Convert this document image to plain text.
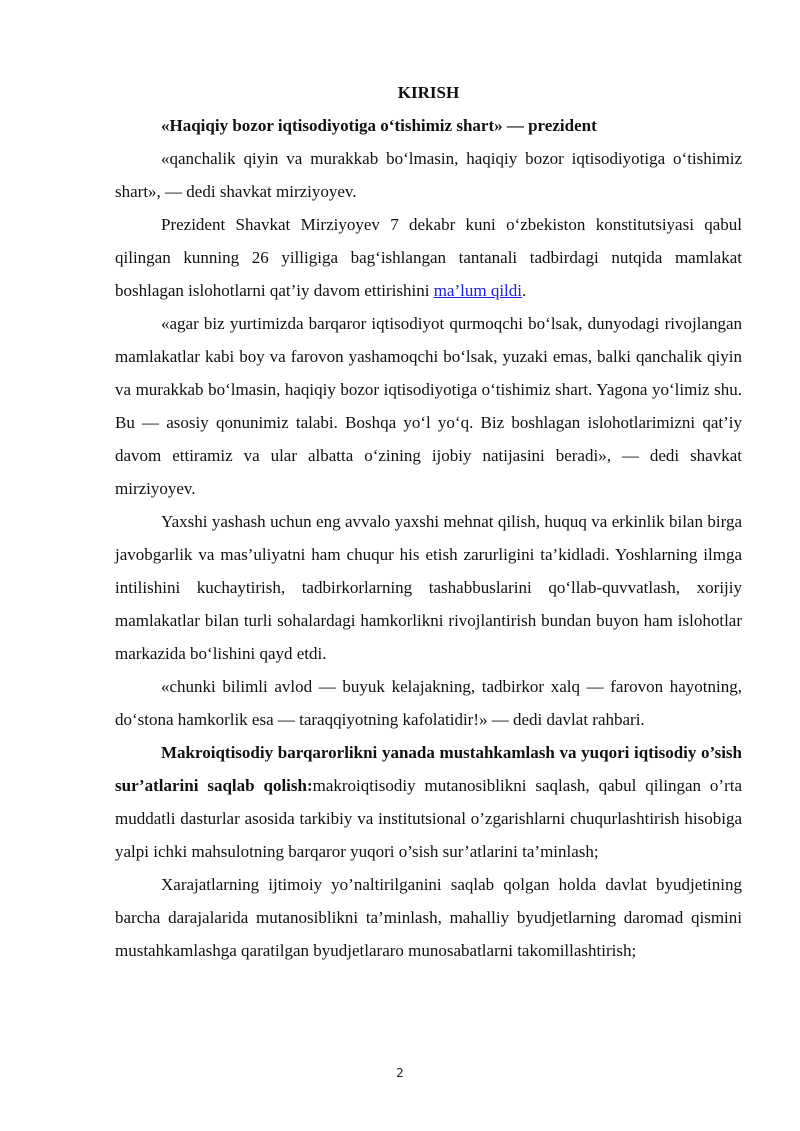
KIRISH

«Haqiqiy bozor iqtisodiyotiga o‘tishimiz shart» — prezident

«qanchalik qiyin va murakkab bo‘lmasin, haqiqiy bozor iqtisodiyotiga o‘tishimiz shart», — dedi shavkat mirziyoyev.

Prezident Shavkat Mirziyoyev 7 dekabr kuni o‘zbekiston konstitutsiyasi qabul qilingan kunning 26 yilligiga bag‘ishlangan tantanali tadbirdagi nutqida mamlakat boshlagan islohotlarni qat’iy davom ettirishini ma’lum qildi.

«agar biz yurtimizda barqaror iqtisodiyot qurmoqchi bo‘lsak, dunyodagi rivojlangan mamlakatlar kabi boy va farovon yashamoqchi bo‘lsak, yuzaki emas, balki qanchalik qiyin va murakkab bo‘lmasin, haqiqiy bozor iqtisodiyotiga o‘tishimiz shart. Yagona yo‘limiz shu. Bu — asosiy qonunimiz talabi. Boshqa yo‘l yo‘q. Biz boshlagan islohotlarimizni qat’iy davom ettiramiz va ular albatta o‘zining ijobiy natijasini beradi», — dedi shavkat mirziyoyev.

Yaxshi yashash uchun eng avvalo yaxshi mehnat qilish, huquq va erkinlik bilan birga javobgarlik va mas’uliyatni ham chuqur his etish zarurligini ta’kidladi. Yoshlarning ilmga intilishini kuchaytirish, tadbirkorlarning tashabbuslarini qo‘llab-quvvatlash, xorijiy mamlakatlar bilan turli sohalardagi hamkorlikni rivojlantirish bundan buyon ham islohotlar markazida bo‘lishini qayd etdi.

«chunki bilimli avlod — buyuk kelajakning, tadbirkor xalq — farovon hayotning, do‘stona hamkorlik esa — taraqqiyotning kafolatidir!» — dedi davlat rahbari.

Makroiqtisodiy barqarorlikni yanada mustahkamlash va yuqori iqtisodiy o’sish sur’atlarini saqlab qolish:makroiqtisodiy mutanosiblikni saqlash, qabul qilingan o’rta muddatli dasturlar asosida tarkibiy va institutsional o’zgarishlarni chuqurlashtirish hisobiga yalpi ichki mahsulotning barqaror yuqori o’sish sur’atlarini ta’minlash;

Xarajatlarning ijtimoiy yo’naltirilganini saqlab qolgan holda davlat byudjetining barcha darajalarida mutanosiblikni ta’minlash, mahalliy byudjetlarning daromad qismini mustahkamlashga qaratilgan byudjetlararo munosabatlarni takomillashtirish;

2
